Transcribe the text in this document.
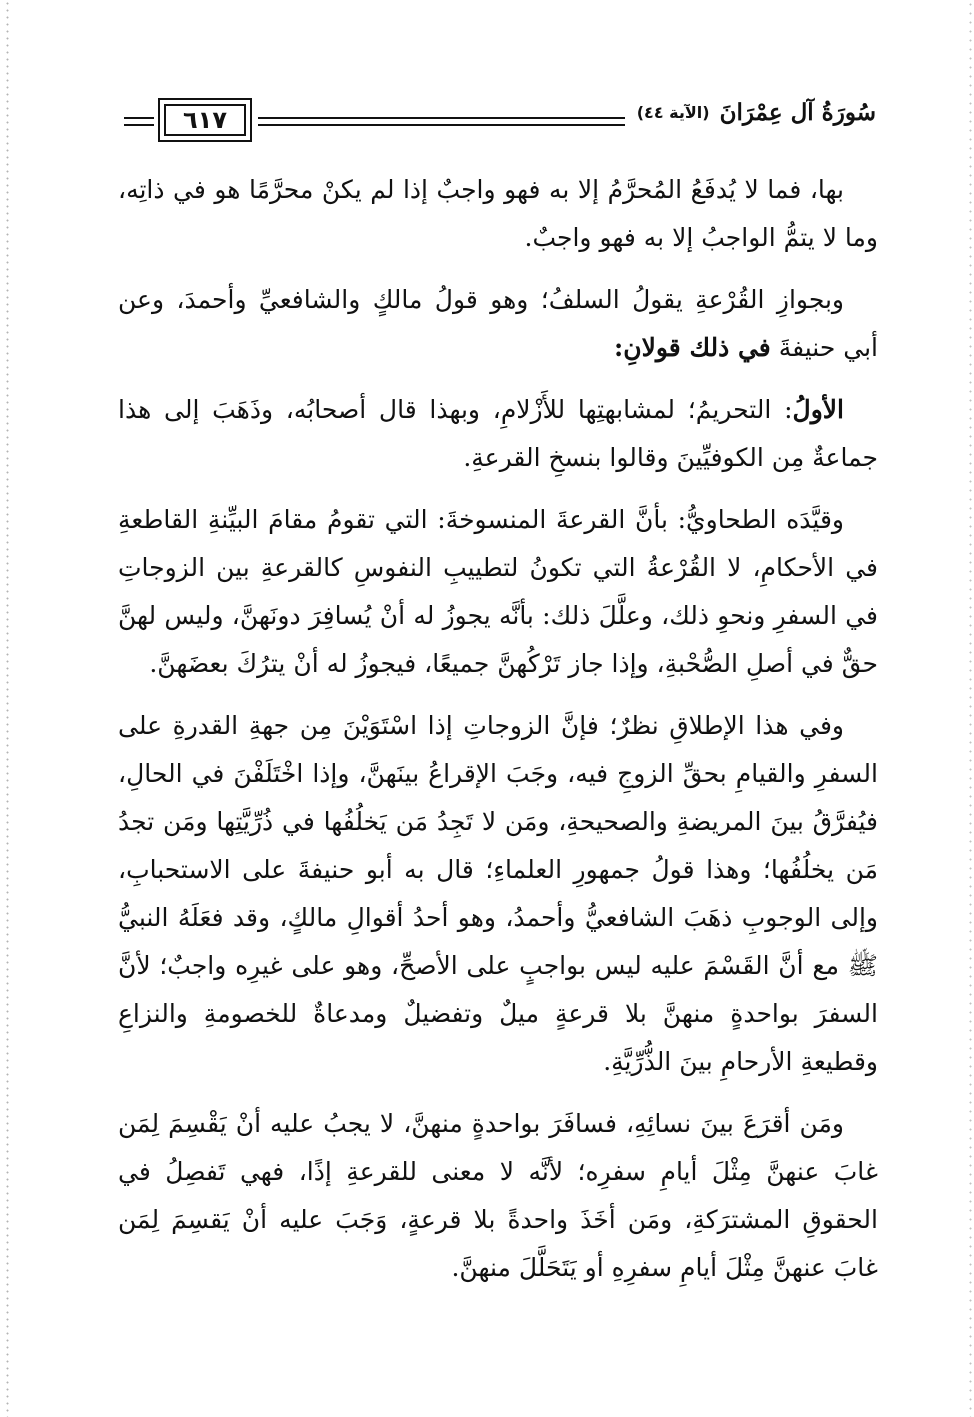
٦١٧	سُورَةُ آل عِمْرَانَ
(الآية ٤٤)

بها، فما لا يُدفَعُ المُحرَّمُ إلا به فهو واجبٌ إذا لم يكنْ محرَّمًا هو في ذاتِه، وما لا يتمُّ الواجبُ إلا به فهو واجبٌ.

وبجوازِ القُرْعةِ يقولُ السلفُ؛ وهو قولُ مالكٍ والشافعيِّ وأحمدَ، وعن أبي حنيفةَ في ذلك قولانِ:

الأولُ: التحريمُ؛ لمشابهتِها للأَزْلامِ، وبهذا قال أصحابُه، وذَهَبَ إلى هذا جماعةٌ مِن الكوفيِّينَ وقالوا بنسخِ القرعةِ.

وقيَّدَه الطحاويُّ: بأنَّ القرعةَ المنسوخةَ: التي تقومُ مقامَ البيِّنةِ القاطعةِ في الأحكامِ، لا القُرْعةُ التي تكونُ لتطييبِ النفوسِ كالقرعةِ بين الزوجاتِ في السفرِ ونحوِ ذلك، وعلَّلَ ذلك: بأنَّه يجوزُ له أنْ يُسافِرَ دونَهنَّ، وليس لهنَّ حقٌّ في أصلِ الصُّحْبةِ، وإذا جاز تَرْكُهنَّ جميعًا، فيجوزُ له أنْ يترُكَ بعضَهنَّ.

وفي هذا الإطلاقِ نظرٌ؛ فإنَّ الزوجاتِ إذا اسْتَوَيْنَ مِن جهةِ القدرةِ على السفرِ والقيامِ بحقِّ الزوجِ فيه، وجَبَ الإقراعُ بينَهنَّ، وإذا اخْتَلَفْنَ في الحالِ، فيُفرَّقُ بينَ المريضةِ والصحيحةِ، ومَن لا تَجِدُ مَن يَخلُفُها في ذُرِّيَّتِها ومَن تجدُ مَن يخلُفُها؛ وهذا قولُ جمهورِ العلماءِ؛ قال به أبو حنيفةَ على الاستحبابِ، وإلى الوجوبِ ذهَبَ الشافعيُّ وأحمدُ، وهو أحدُ أقوالِ مالكٍ، وقد فعَلَهُ النبيُّ ﷺ مع أنَّ القَسْمَ عليه ليس بواجبٍ على الأصحِّ، وهو على غيرِه واجبٌ؛ لأنَّ السفرَ بواحدةٍ منهنَّ بلا قرعةٍ ميلٌ وتفضيلٌ ومدعاةٌ للخصومةِ والنزاعِ وقطيعةِ الأرحامِ بينَ الذُّرِّيَّةِ.

ومَن أقرَعَ بينَ نسائِهِ، فسافَرَ بواحدةٍ منهنَّ، لا يجبُ عليه أنْ يَقْسِمَ لِمَن غابَ عنهنَّ مِثْلَ أيامِ سفرِه؛ لأنَّه لا معنى للقرعةِ إذًا، فهي تَفصِلُ في الحقوقِ المشترَكةِ، ومَن أخَذَ واحدةً بلا قرعةٍ، وَجَبَ عليه أنْ يَقسِمَ لِمَن غابَ عنهنَّ مِثْلَ أيامِ سفرِهِ أو يَتَحَلَّلَ منهنَّ.
